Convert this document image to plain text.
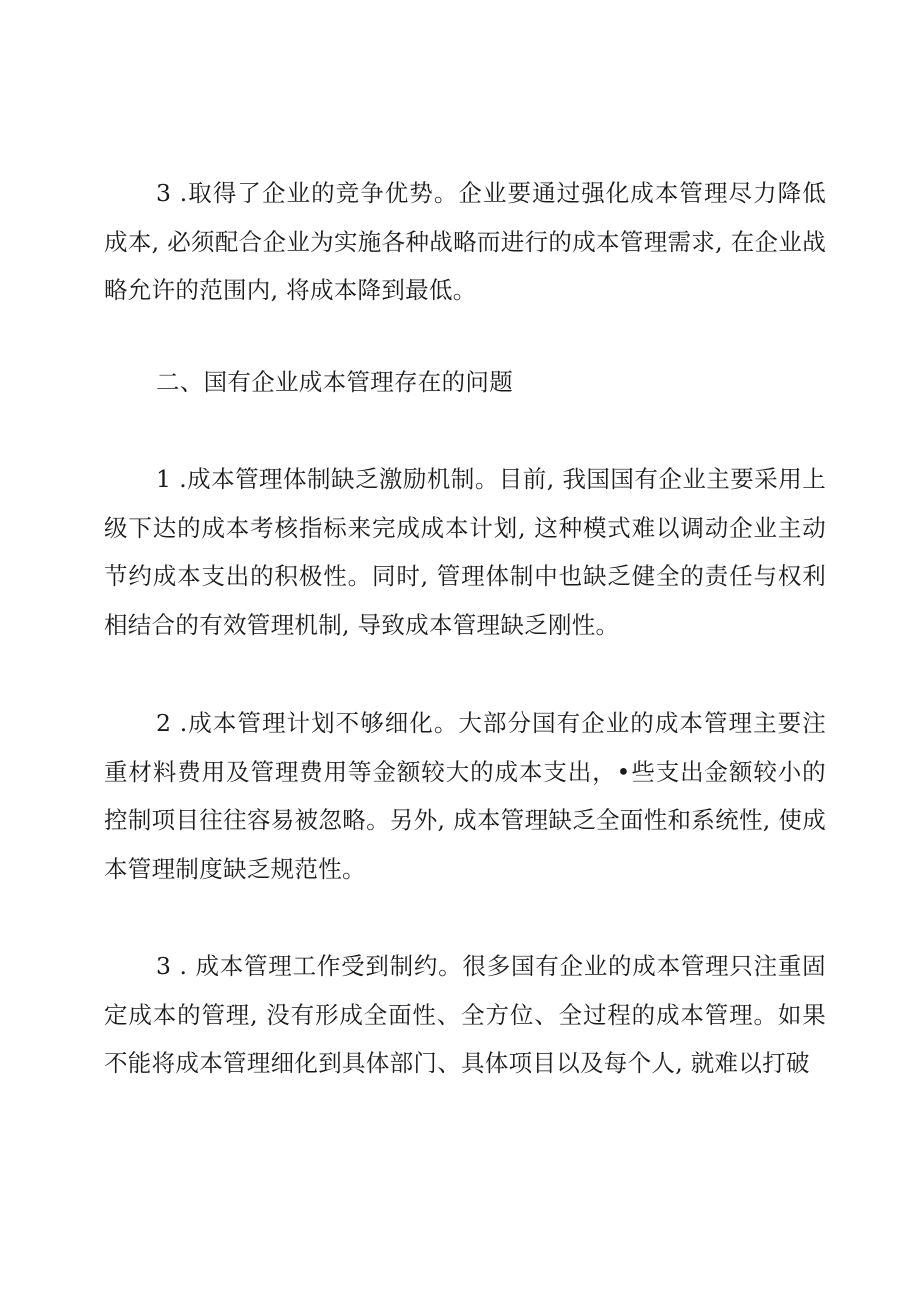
3 .取得了企业的竞争优势。企业要通过强化成本管理尽力降低成本, 必须配合企业为实施各种战略而进行的成本管理需求, 在企业战略允许的范围内, 将成本降到最低。

二、国有企业成本管理存在的问题

1 .成本管理体制缺乏激励机制。目前, 我国国有企业主要采用上级下达的成本考核指标来完成成本计划, 这种模式难以调动企业主动节约成本支出的积极性。同时, 管理体制中也缺乏健全的责任与权利相结合的有效管理机制, 导致成本管理缺乏刚性。

2 .成本管理计划不够细化。大部分国有企业的成本管理主要注重材料费用及管理费用等金额较大的成本支出，•些支出金额较小的控制项目往往容易被忽略。另外, 成本管理缺乏全面性和系统性, 使成本管理制度缺乏规范性。

3 . 成本管理工作受到制约。很多国有企业的成本管理只注重固定成本的管理, 没有形成全面性、全方位、全过程的成本管理。如果不能将成本管理细化到具体部门、具体项目以及每个人, 就难以打破
